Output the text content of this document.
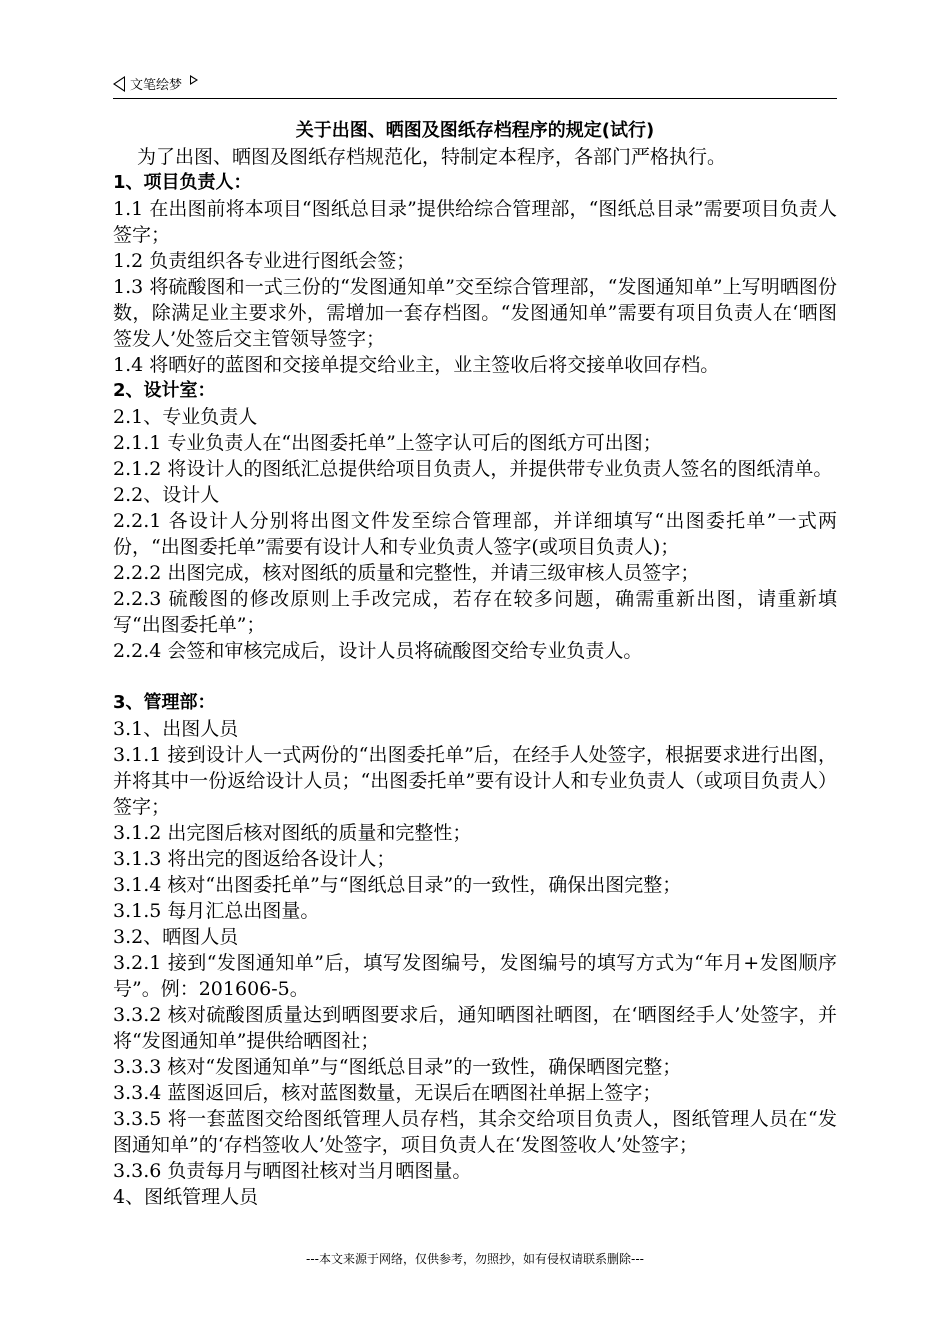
文笔绘梦
关于出图、晒图及图纸存档程序的规定(试行)
为了出图、晒图及图纸存档规范化，特制定本程序，各部门严格执行。
1、项目负责人：
1.1 在出图前将本项目“图纸总目录”提供给综合管理部，“图纸总目录”需要项目负责人签字；
1.2 负责组织各专业进行图纸会签；
1.3 将硫酸图和一式三份的“发图通知单”交至综合管理部，“发图通知单”上写明晒图份数，除满足业主要求外，需增加一套存档图。“发图通知单”需要有项目负责人在‘晒图签发人’处签后交主管领导签字；
1.4 将晒好的蓝图和交接单提交给业主，业主签收后将交接单收回存档。
2、设计室：
2.1、专业负责人
2.1.1 专业负责人在“出图委托单”上签字认可后的图纸方可出图；
2.1.2 将设计人的图纸汇总提供给项目负责人，并提供带专业负责人签名的图纸清单。
2.2、设计人
2.2.1 各设计人分别将出图文件发至综合管理部，并详细填写“出图委托单”一式两份，“出图委托单”需要有设计人和专业负责人签字(或项目负责人)；
2.2.2 出图完成，核对图纸的质量和完整性，并请三级审核人员签字；
2.2.3 硫酸图的修改原则上手改完成，若存在较多问题，确需重新出图，请重新填写“出图委托单”；
2.2.4 会签和审核完成后，设计人员将硫酸图交给专业负责人。
3、管理部：
3.1、出图人员
3.1.1 接到设计人一式两份的“出图委托单”后，在经手人处签字，根据要求进行出图，并将其中一份返给设计人员；“出图委托单”要有设计人和专业负责人（或项目负责人）签字；
3.1.2 出完图后核对图纸的质量和完整性；
3.1.3 将出完的图返给各设计人；
3.1.4 核对“出图委托单”与“图纸总目录”的一致性，确保出图完整；
3.1.5 每月汇总出图量。
3.2、晒图人员
3.2.1 接到“发图通知单”后，填写发图编号，发图编号的填写方式为“年月+发图顺序号”。例：201606-5。
3.3.2 核对硫酸图质量达到晒图要求后，通知晒图社晒图，在‘晒图经手人’处签字，并将“发图通知单”提供给晒图社；
3.3.3 核对“发图通知单”与“图纸总目录”的一致性，确保晒图完整；
3.3.4 蓝图返回后，核对蓝图数量，无误后在晒图社单据上签字；
3.3.5 将一套蓝图交给图纸管理人员存档，其余交给项目负责人，图纸管理人员在“发图通知单”的‘存档签收人’处签字，项目负责人在‘发图签收人’处签字；
3.3.6 负责每月与晒图社核对当月晒图量。
4、图纸管理人员
---本文来源于网络，仅供参考，勿照抄，如有侵权请联系删除---
